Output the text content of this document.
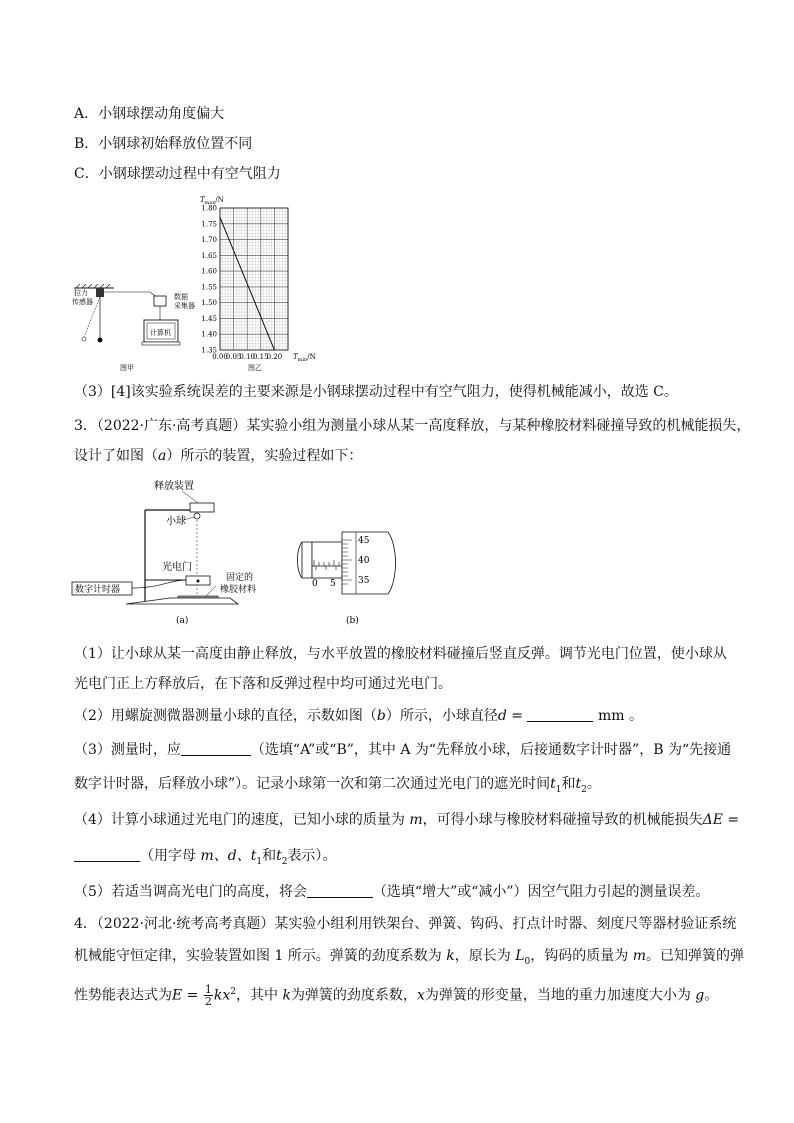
A．小钢球摆动角度偏大
B．小钢球初始释放位置不同
C．小钢球摆动过程中有空气阻力
拉力
传感器
数据
采集器
计算机
图甲
1.80
1.75
1.70
1.65
1.60
1.55
1.50
1.45
1.40
1.35
0.00
0.05
0.10
0.15
0.20
$T_{max}/N$
$T_{min}/N$
图乙
（3）[4]该实验系统误差的主要来源是小钢球摆动过程中有空气阻力，使得机械能减小，故选 C。
3．（2022·广东·高考真题）某实验小组为测量小球从某一高度释放，与某种橡胶材料碰撞导致的机械能损失，
设计了如图（a）所示的装置，实验过程如下：
释放装置
小球
光电门
固定的
橡胶材料
数字计时器
(a)
0 5
45
40
35
(b)
（1）让小球从某一高度由静止释放，与水平放置的橡胶材料碰撞后竖直反弹。调节光电门位置，使小球从
光电门正上方释放后，在下落和反弹过程中均可通过光电门。
（2）用螺旋测微器测量小球的直径，示数如图（b）所示，小球直径d =	mm 。
（3）测量时，应	（选填“A”或“B”，其中 A 为“先释放小球，后接通数字计时器”，B 为“先接通
数字计时器，后释放小球”）。记录小球第一次和第二次通过光电门的遮光时间$t_1$和$t_2$。
（4）计算小球通过光电门的速度，已知小球的质量为 m，可得小球与橡胶材料碰撞导致的机械能损失ΔE =
（用字母 m、d、$t_1$和$t_2$表示）。
（5）若适当调高光电门的高度，将会	（选填“增大”或“减小”）因空气阻力引起的测量误差。
4．（2022·河北·统考高考真题）某实验小组利用铁架台、弹簧、钩码、打点计时器、刻度尺等器材验证系统
机械能守恒定律，实验装置如图 1 所示。弹簧的劲度系数为 k，原长为 $L_0$，钩码的质量为 m。已知弹簧的弹
性势能表达式为$E = \frac{1}{2} kx^2$，其中 k为弹簧的劲度系数，x为弹簧的形变量，当地的重力加速度大小为 g。
